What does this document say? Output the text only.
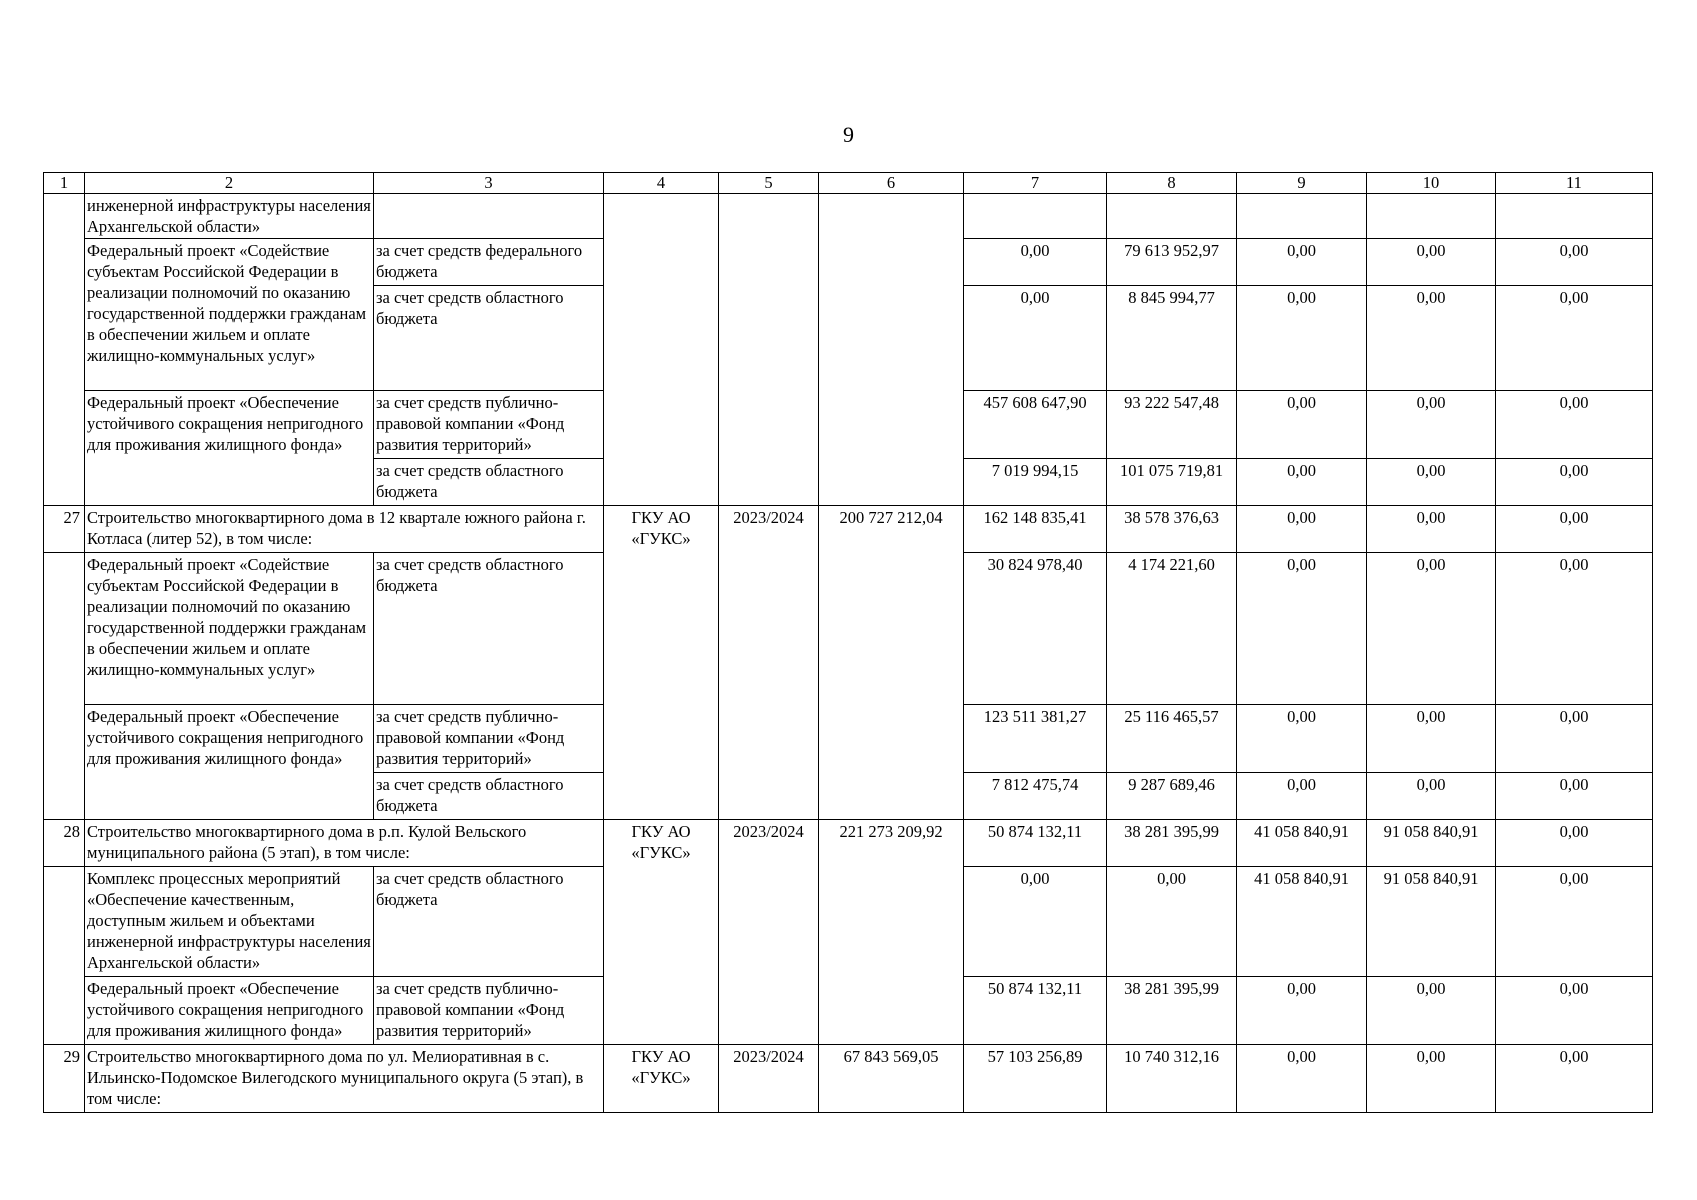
9
1	2	3	4	5	6	7	8	9	10	11
	инженерной инфраструктуры населения Архангельской области»									
	Федеральный проект «Содействие субъектам Российской Федерации в реализации полномочий по оказанию государственной поддержки гражданам в обеспечении жильем и оплате жилищно-коммунальных услуг»	за счет средств федерального бюджета				0,00	79 613 952,97	0,00	0,00	0,00
		за счет средств областного бюджета				0,00	8 845 994,77	0,00	0,00	0,00
	Федеральный проект «Обеспечение устойчивого сокращения непригодного для проживания жилищного фонда»	за счет средств публично-правовой компании «Фонд развития территорий»				457 608 647,90	93 222 547,48	0,00	0,00	0,00
		за счет средств областного бюджета				7 019 994,15	101 075 719,81	0,00	0,00	0,00
27	Строительство многоквартирного дома в 12 квартале южного района г. Котласа (литер 52), в том числе:		ГКУ АО «ГУКС»	2023/2024	200 727 212,04	162 148 835,41	38 578 376,63	0,00	0,00	0,00
	Федеральный проект «Содействие субъектам Российской Федерации в реализации полномочий по оказанию государственной поддержки гражданам в обеспечении жильем и оплате жилищно-коммунальных услуг»	за счет средств областного бюджета				30 824 978,40	4 174 221,60	0,00	0,00	0,00
	Федеральный проект «Обеспечение устойчивого сокращения непригодного для проживания жилищного фонда»	за счет средств публично-правовой компании «Фонд развития территорий»				123 511 381,27	25 116 465,57	0,00	0,00	0,00
		за счет средств областного бюджета				7 812 475,74	9 287 689,46	0,00	0,00	0,00
28	Строительство многоквартирного дома в р.п. Кулой Вельского муниципального района (5 этап), в том числе:		ГКУ АО «ГУКС»	2023/2024	221 273 209,92	50 874 132,11	38 281 395,99	41 058 840,91	91 058 840,91	0,00
	Комплекс процессных мероприятий «Обеспечение качественным, доступным жильем и объектами инженерной инфраструктуры населения Архангельской области»	за счет средств областного бюджета				0,00	0,00	41 058 840,91	91 058 840,91	0,00
	Федеральный проект «Обеспечение устойчивого сокращения непригодного для проживания жилищного фонда»	за счет средств публично-правовой компании «Фонд развития территорий»				50 874 132,11	38 281 395,99	0,00	0,00	0,00
29	Строительство многоквартирного дома по ул. Мелиоративная в с. Ильинско-Подомское Вилегодского муниципального округа (5 этап), в том числе:		ГКУ АО «ГУКС»	2023/2024	67 843 569,05	57 103 256,89	10 740 312,16	0,00	0,00	0,00
